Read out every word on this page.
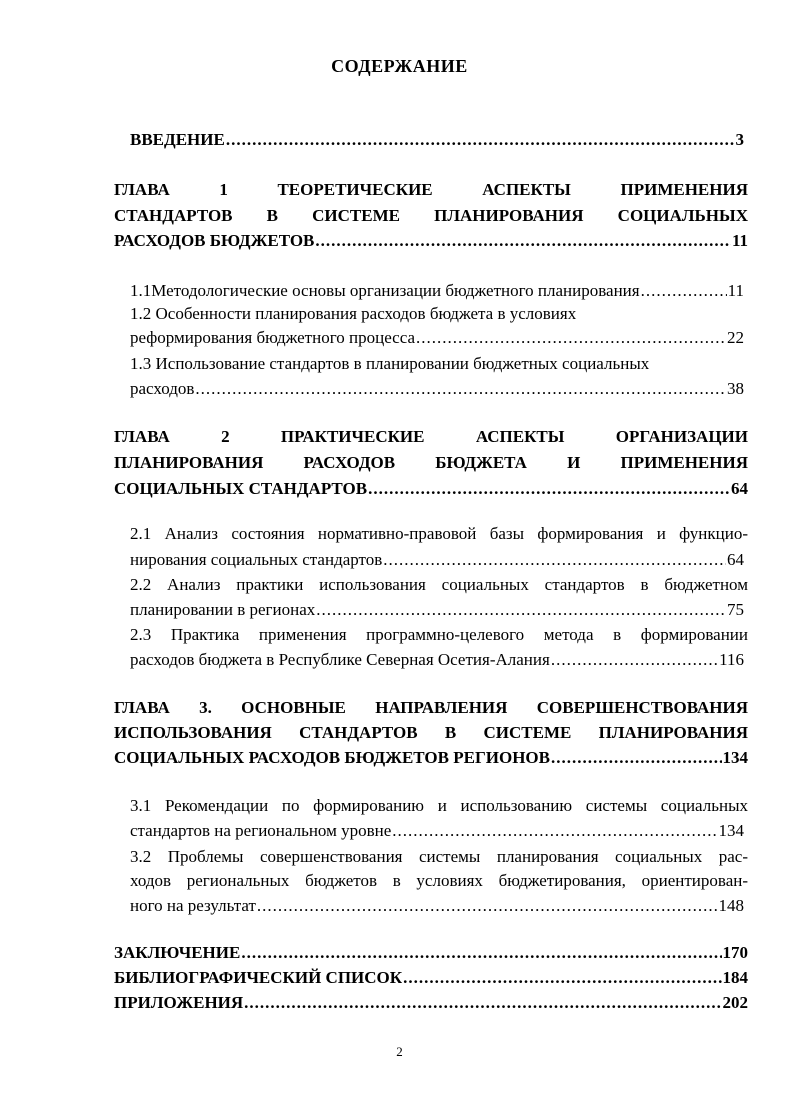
СОДЕРЖАНИЕ
ВВЕДЕНИЕ .....	3
ГЛАВА 1 ТЕОРЕТИЧЕСКИЕ АСПЕКТЫ ПРИМЕНЕНИЯ
СТАНДАРТОВ В СИСТЕМЕ ПЛАНИРОВАНИЯ СОЦИАЛЬНЫХ
РАСХОДОВ БЮДЖЕТОВ .....	11
1.1Методологические основы организации бюджетного планирования .....	11
1.2 Особенности планирования расходов бюджета в условиях
реформирования бюджетного процесса .....	22
1.3 Использование стандартов в планировании бюджетных социальных
расходов .....	38
ГЛАВА 2 ПРАКТИЧЕСКИЕ АСПЕКТЫ ОРГАНИЗАЦИИ
ПЛАНИРОВАНИЯ РАСХОДОВ БЮДЖЕТА И ПРИМЕНЕНИЯ
СОЦИАЛЬНЫХ СТАНДАРТОВ .....	64
2.1 Анализ состояния нормативно-правовой базы формирования и функцио-
нирования социальных стандартов .....	64
2.2 Анализ практики использования социальных стандартов в бюджетном
планировании в регионах .....	75
2.3 Практика применения программно-целевого метода в формировании
расходов бюджета в Республике Северная Осетия-Алания .....	116
ГЛАВА 3. ОСНОВНЫЕ НАПРАВЛЕНИЯ СОВЕРШЕНСТВОВАНИЯ
ИСПОЛЬЗОВАНИЯ СТАНДАРТОВ В СИСТЕМЕ ПЛАНИРОВАНИЯ
СОЦИАЛЬНЫХ РАСХОДОВ БЮДЖЕТОВ РЕГИОНОВ .....	134
3.1 Рекомендации по формированию и использованию системы социальных
стандартов на региональном уровне .....	134
3.2 Проблемы совершенствования системы планирования социальных рас-
ходов региональных бюджетов в условиях бюджетирования, ориентирован-
ного на результат .....	148
ЗАКЛЮЧЕНИЕ .....	170
БИБЛИОГРАФИЧЕСКИЙ СПИСОК .....	184
ПРИЛОЖЕНИЯ .....	202
2
